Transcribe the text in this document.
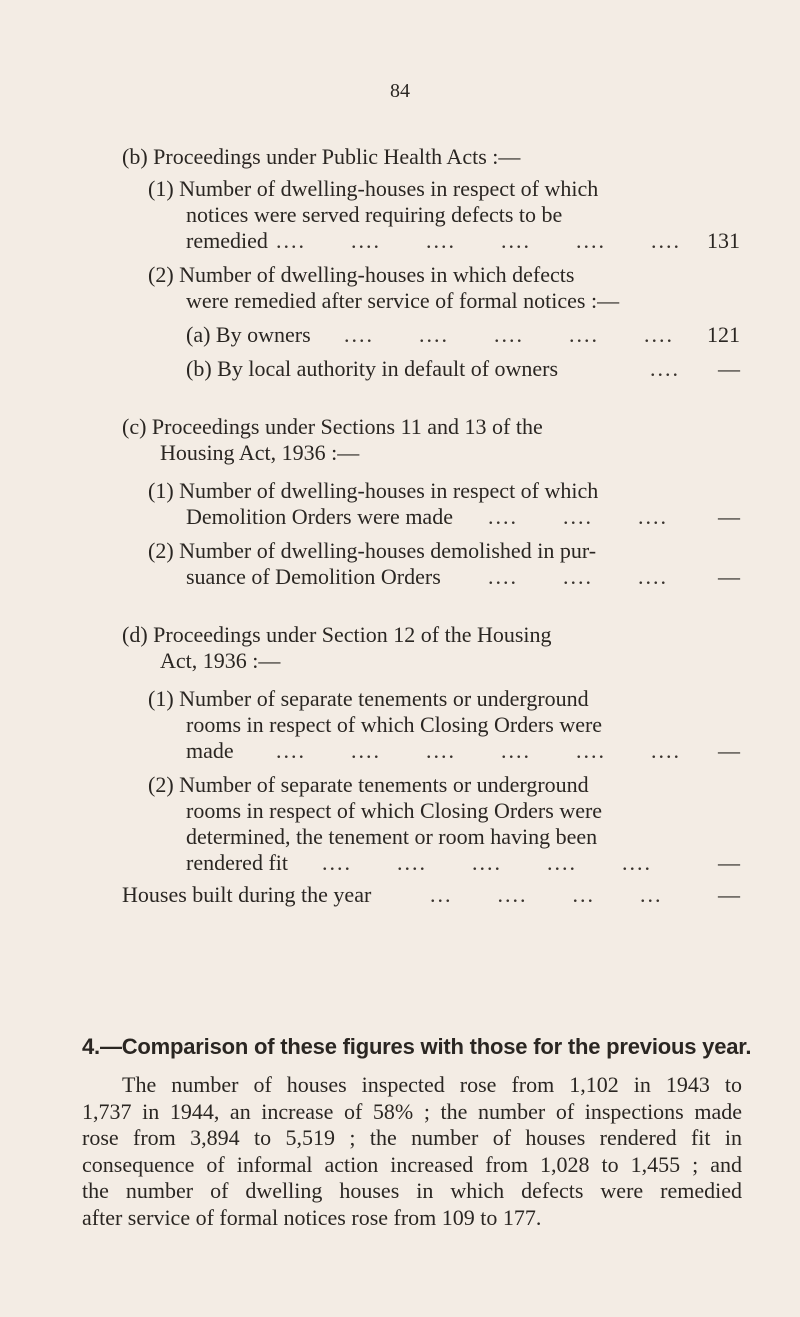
84
(b) Proceedings under Public Health Acts :—
(1) Number of dwelling-houses in respect of which
notices were served requiring defects to be
remedied ....      ....      ....      ....      ....      .... 131
(2) Number of dwelling-houses in which defects
were remedied after service of formal notices :—
(a) By owners ....      ....      ....      ....      .... 121
(b) By local authority in default of owners	.... —
(c) Proceedings under Sections 11 and 13 of the
Housing Act, 1936 :—
(1) Number of dwelling-houses in respect of which
Demolition Orders were made ....      ....      .... —
(2) Number of dwelling-houses demolished in pur-
suance of Demolition Orders ....      ....      .... —
(d) Proceedings under Section 12 of the Housing
Act, 1936 :—
(1) Number of separate tenements or underground
rooms in respect of which Closing Orders were
made ....      ....      ....      ....      ....      .... —
(2) Number of separate tenements or underground
rooms in respect of which Closing Orders were
determined, the tenement or room having been
rendered fit ....      ....      ....      ....      ....	—
Houses built during the year	...      ....      ...      ...	—
4.—Comparison of these figures with those for the previous year.
The number of houses inspected rose from 1,102 in 1943 to
1,737 in 1944, an increase of 58% ; the number of inspections made
rose from 3,894 to 5,519 ; the number of houses rendered fit in
consequence of informal action increased from 1,028 to 1,455 ; and
the number of dwelling houses in which defects were remedied
after service of formal notices rose from 109 to 177.
